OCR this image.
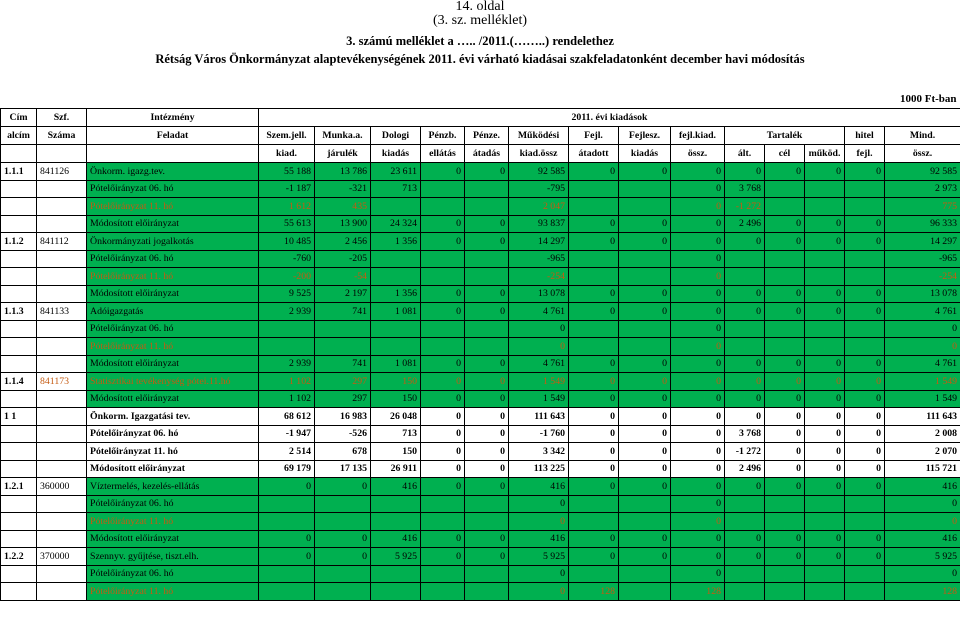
14. oldal
(3. sz. melléklet)
3. számú melléklet a ….. /2011.(……..) rendelethez
Rétság Város Önkormányzat alaptevékenységének 2011. évi várható kiadásai szakfeladatonként december havi módosítás
1000 Ft-ban
Cím	Szf.	Intézmény	2011. évi kiadások													
alcím	Száma	Feladat	Szem.jell.	Munka.a.	Dologi	Pénzb.	Pénze.	Működési	Fejl.	Fejlesz.	fejl.kiad.	Tartalék			hitel	Mind.
			kiad.	járulék	kiadás	ellátás	átadás	kiad.össz	átadott	kiadás	össz.	ált.	cél	működ.	fejl.	össz.
1.1.1	841126	Önkorm. igazg.tev.	55 188	13 786	23 611	0	0	92 585	0	0	0	0	0	0	0	92 585
		Pótelőirányzat 06. hó	-1 187	-321	713			-795			0	3 768				2 973
		Pótelőirányzat 11. hó	1 612	435				2 047			0	-1 272				775
		Módosított előirányzat	55 613	13 900	24 324	0	0	93 837	0	0	0	2 496	0	0	0	96 333
1.1.2	841112	Önkormányzati jogalkotás	10 485	2 456	1 356	0	0	14 297	0	0	0	0	0	0	0	14 297
		Pótelőirányzat 06. hó	-760	-205				-965			0					-965
		Pótelőirányzat 11. hó	-200	-54				-254			0					-254
		Módosított előirányzat	9 525	2 197	1 356	0	0	13 078	0	0	0	0	0	0	0	13 078
1.1.3	841133	Adóigazgatás	2 939	741	1 081	0	0	4 761	0	0	0	0	0	0	0	4 761
		Pótelőirányzat 06. hó						0			0					0
		Pótelőirányzat 11. hó						0			0					0
		Módosított előirányzat	2 939	741	1 081	0	0	4 761	0	0	0	0	0	0	0	4 761
1.1.4	841173	Statisztikai tevékenység pótei.11.hó	1 102	297	150	0	0	1 549	0	0	0	0	0	0	0	1 549
		Módosított előirányzat	1 102	297	150	0	0	1 549	0	0	0	0	0	0	0	1 549
1 1		Önkorm. Igazgatási tev.	68 612	16 983	26 048	0	0	111 643	0	0	0	0	0	0	0	111 643
		Pótelőirányzat 06. hó	-1 947	-526	713	0	0	-1 760	0	0	0	3 768	0	0	0	2 008
		Pótelőirányzat 11. hó	2 514	678	150	0	0	3 342	0	0	0	-1 272	0	0	0	2 070
		Módosított előirányzat	69 179	17 135	26 911	0	0	113 225	0	0	0	2 496	0	0	0	115 721
1.2.1	360000	Víztermelés, kezelés-ellátás	0	0	416	0	0	416	0	0	0	0	0	0	0	416
		Pótelőirányzat 06. hó						0			0					0
		Pótelőirányzat 11. hó						0			0					0
		Módosított előirányzat	0	0	416	0	0	416	0	0	0	0	0	0	0	416
1.2.2	370000	Szennyv. gyűjtése, tiszt.elh.	0	0	5 925	0	0	5 925	0	0	0	0	0	0	0	5 925
		Pótelőirányzat 06. hó						0			0					0
		Pótelőirányzat 11. hó						0	128		128					128
